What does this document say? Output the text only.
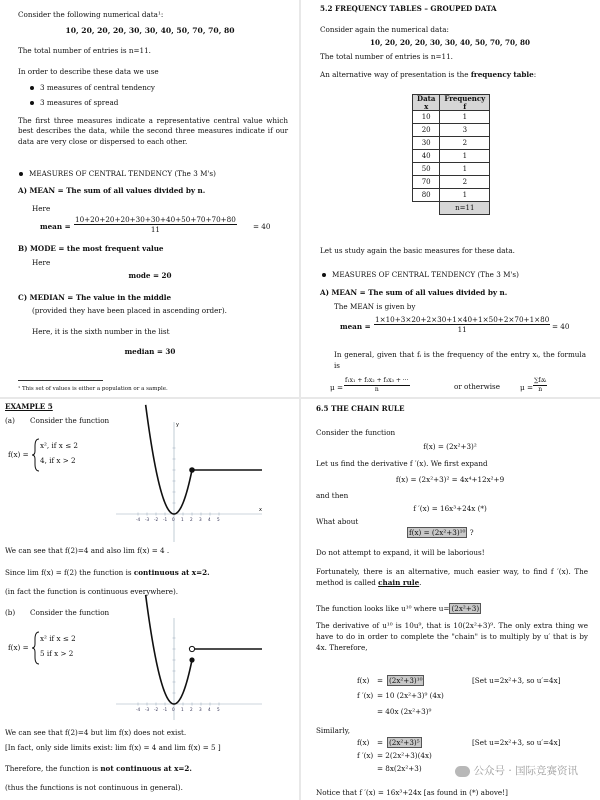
Consider the following numerical data¹:
10, 20, 20, 20, 30, 30, 40, 50, 70, 70, 80
The total number of entries is n=11.
In order to describe these data we use
3 measures of central tendency
3 measures of spread
The first three measures indicate a representative central value which best describes the data, while the second three measures indicate if our data are very close or dispersed to each other.
MEASURES OF CENTRAL TENDENCY (The 3 M's)
A) MEAN = The sum of all values divided by n.
Here
mean = $\frac{10+20+20+20+30+30+40+50+70+70+80}{11} = 40$
B) MODE = the most frequent value
Here
mode = 20
C) MEDIAN = The value in the middle
(provided they have been placed in ascending order).
Here, it is the sixth number in the list
median = 30
¹ This set of values is either a population or a sample.
5.2 FREQUENCY TABLES – GROUPED DATA
Consider again the numerical data:
10, 20, 20, 20, 30, 30, 40, 50, 70, 70, 80
The total number of entries is n=11.
An alternative way of presentation is the frequency table:
Data
x	Frequency
f
10	1
20	3
30	2
40	1
50	1
70	2
80	1
	n=11
Let us study again the basic measures for these data.
MEASURES OF CENTRAL TENDENCY (The 3 M's)
A) MEAN = The sum of all values divided by n.
The MEAN is given by
mean = $\frac{1\times 10+3\times 20+2\times 30+1\times 40+1\times 50+2\times 70+1\times 80}{11} = 40$
In general, given that fᵢ is the frequency of the entry xᵢ, the formula is
$\mu = \frac{\text{f₁x₁ + f₂x₂ + f₃x₃ + ···}}{n}$	or otherwise	μ =
∑fᵢxᵢ
n
EXAMPLE 5
(a) Consider the function
f(x) =
x², if x ≤ 2
4, if x > 2
y
x
-4 -3 -2 -1 0 1 2 3 4 5
We can see that f(2)=4 and also lim f(x) = 4 .
Since lim f(x) = f(2) the function is continuous at x=2.
(in fact the function is continuous everywhere).
(b) Consider the function
f(x) =
x² if x ≤ 2
5 if x > 2
-4 -3 -2 -1 0 1 2 3 4 5
We can see that f(2)=4 but lim f(x) does not exist.
[In fact, only side limits exist: lim f(x) = 4 and lim f(x) = 5 ]
Therefore, the function is not continuous at x=2.
(thus the functions is not continuous in general).
6.5 THE CHAIN RULE
Consider the function
f(x) = (2x²+3)²
Let us find the derivative f ′(x). We first expand
f(x) = (2x²+3)² = 4x⁴+12x²+9
and then
f ′(x) = 16x³+24x (*)
What about
f(x) = (2x²+3)¹⁰ ?
Do not attempt to expand, it will be laborious!
Fortunately, there is an alternative, much easier way, to find f ′(x). The method is called chain rule.
The function looks like u¹⁰ where u= (2x²+3)
The derivative of u¹⁰ is 10u⁹, that is 10(2x²+3)⁹. The only extra thing we have to do in order to complete the "chain" is to multiply by u′ that is by 4x. Therefore,
f(x) = (2x²+3)¹⁰	[Set u=2x²+3, so u′=4x]
f ′(x) = 10 (2x²+3)⁹ (4x)
= 40x (2x²+3)⁹
Similarly,
f(x) = (2x²+3)⁵	[Set u=2x²+3, so u′=4x]
f ′(x) = 2(2x²+3)(4x)
= 8x(2x²+3)
Notice that f ′(x) = 16x³+24x [as found in (*) above!]
公众号 · 国际竞赛资讯
